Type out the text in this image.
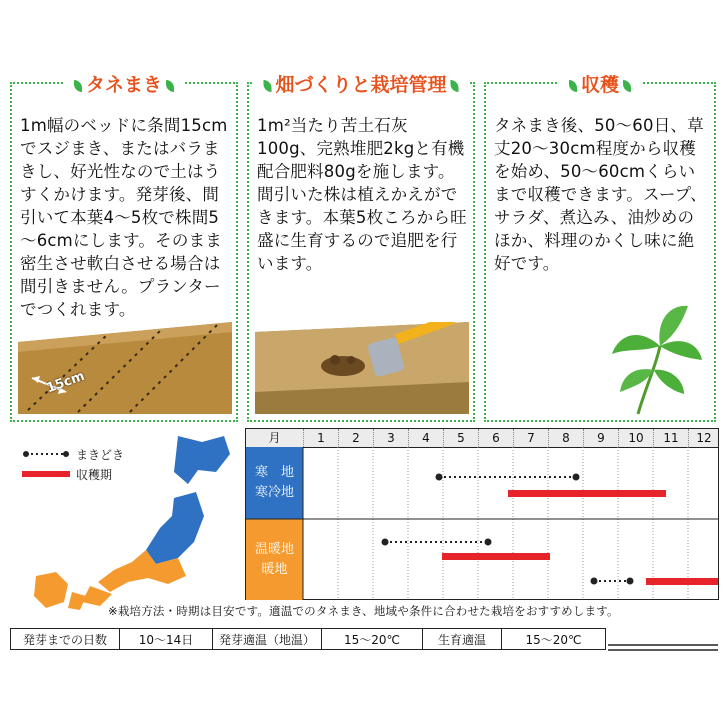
タネまき
1m幅のベッドに条間15cmでスジまき、またはバラまきし、好光性なので土はうすくかけます。発芽後、間引いて本葉4～5枚で株間5～6cmにします。そのまま密生させ軟白させる場合は間引きません。プランターでつくれます。
15cm
畑づくりと栽培管理
1m²当たり苦土石灰100g、完熟堆肥2kgと有機配合肥料80gを施します。間引いた株は植えかえができます。本葉5枚ころから旺盛に生育するので追肥を行います。
収穫
タネまき後、50～60日、草丈20～30cm程度から収穫を始め、50～60cmくらいまで収穫できます。スープ、サラダ、煮込み、油炒めのほか、料理のかくし味に絶好です。
まきどき
収穫期
月	1	2	3	4	5	6	7	8	9	10	11	12
寒　地
寒冷地
温暖地
暖地
※栽培方法・時期は目安です。適温でのタネまき、地域や条件に合わせた栽培をおすすめします。
発芽までの日数	10～14日	発芽適温（地温）	15～20℃	生育適温	15～20℃
